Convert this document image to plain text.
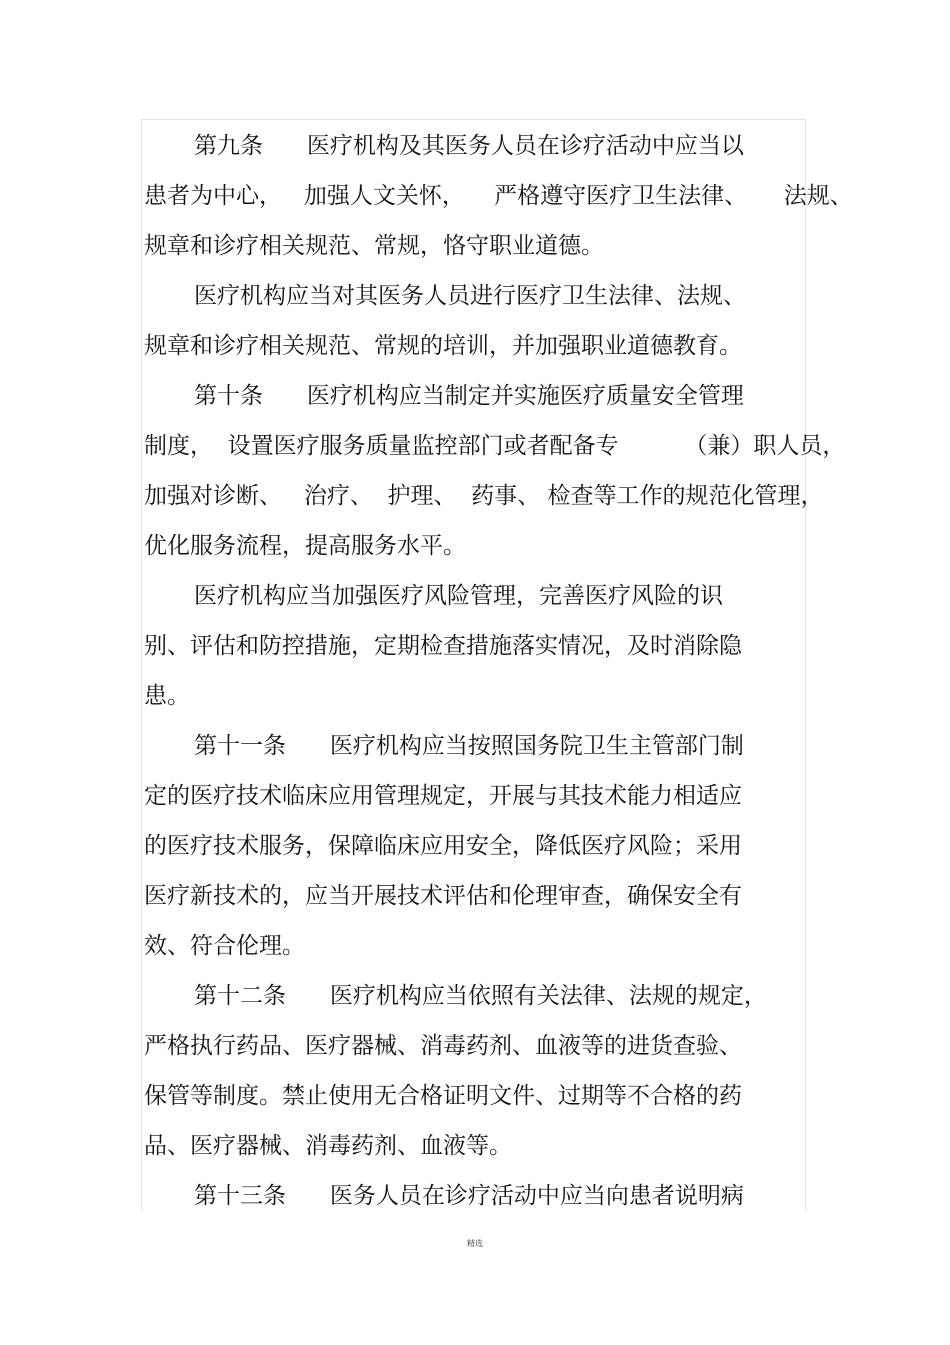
第九条      医疗机构及其医务人员在诊疗活动中应当以
患者为中心，   加强人文关怀，    严格遵守医疗卫生法律、     法规、
规章和诊疗相关规范、常规，恪守职业道德。
医疗机构应当对其医务人员进行医疗卫生法律、法规、
规章和诊疗相关规范、常规的培训，并加强职业道德教育。
第十条      医疗机构应当制定并实施医疗质量安全管理
制度，  设置医疗服务质量监控部门或者配备专         （兼）职人员，
加强对诊断、   治疗、  护理、  药事、 检查等工作的规范化管理，
优化服务流程，提高服务水平。
医疗机构应当加强医疗风险管理，完善医疗风险的识
别、评估和防控措施，定期检查措施落实情况，及时消除隐
患。
第十一条      医疗机构应当按照国务院卫生主管部门制
定的医疗技术临床应用管理规定，开展与其技术能力相适应
的医疗技术服务，保障临床应用安全，降低医疗风险；采用
医疗新技术的，应当开展技术评估和伦理审查，确保安全有
效、符合伦理。
第十二条      医疗机构应当依照有关法律、法规的规定，
严格执行药品、医疗器械、消毒药剂、血液等的进货查验、
保管等制度。禁止使用无合格证明文件、过期等不合格的药
品、医疗器械、消毒药剂、血液等。
第十三条      医务人员在诊疗活动中应当向患者说明病
精选
